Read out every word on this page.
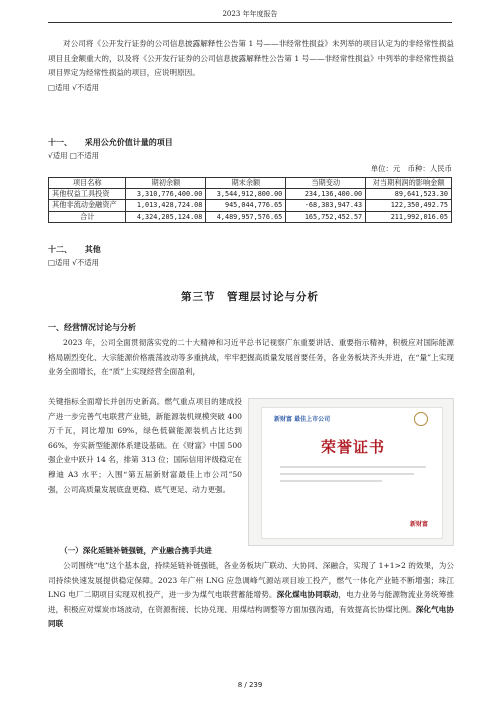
2023 年年度报告
对公司将《公开发行证券的公司信息披露解释性公告第 1 号——非经常性损益》未列举的项目认定为的非经常性损益项目且金额重大的，以及将《公开发行证券的公司信息披露解释性公告第 1 号——非经常性损益》中列举的非经常性损益项目界定为经常性损益的项目，应说明原因。
□适用 √不适用
十一、 采用公允价值计量的项目
√适用 □不适用
单位：元　币种：人民币
项目名称	期初余额	期末余额	当期变动	对当期利润的影响金额
其他权益工具投资	3,310,776,400.00	3,544,912,800.00	234,136,400.00	89,641,523.30
其他非流动金融资产	1,013,428,724.08	945,044,776.65	-68,383,947.43	122,350,492.75
合计	4,324,205,124.08	4,489,957,576.65	165,752,452.57	211,992,016.05
十二、 其他
□适用 √不适用
第三节　管理层讨论与分析
一、经营情况讨论与分析
2023 年，公司全面贯彻落实党的二十大精神和习近平总书记视察广东重要讲话、重要指示精神，积极应对国际能源格局剧烈变化、大宗能源价格震荡波动等多重挑战，牢牢把握高质量发展首要任务，各业务板块齐头并进，在“量”上实现业务全面增长，在“质”上实现经营全面盈利，
关键指标全面增长并创历史新高。燃气重点项目的建成投产进一步完善气电联营产业链，新能源装机规模突破 400 万千瓦，同比增加 69%，绿色低碳能源装机占比达到 66%，夯实新型能源体系建设基础。在《财富》中国 500 强企业中跃升 14 名，排第 313 位；国际信用评级稳定在穆迪 A3 水平；入围“第五届新财富最佳上市公司”50 强，公司高质量发展底盘更稳、底气更足、动力更强。
新财富 最佳上市公司
荣誉证书
新财富
（一）深化延链补链强链，产业融合携手共进
公司围绕“电”这个基本盘，持续延链补链强链，各业务板块广联动、大协同、深融合，实现了 1+1>2 的效果，为公司持续快速发展提供稳定保障。2023 年广州 LNG 应急调峰气源站项目竣工投产，燃气一体化产业链不断增强；珠江 LNG 电厂二期项目实现双机投产，进一步为煤气电联营蓄能增势。深化煤电协同联动，电力业务与能源物流业务统筹推进，积极应对煤炭市场波动，在资源衔接、长协兑现、用煤结构调整等方面加强沟通，有效提高长协煤比例。深化气电协同联
8 / 239
